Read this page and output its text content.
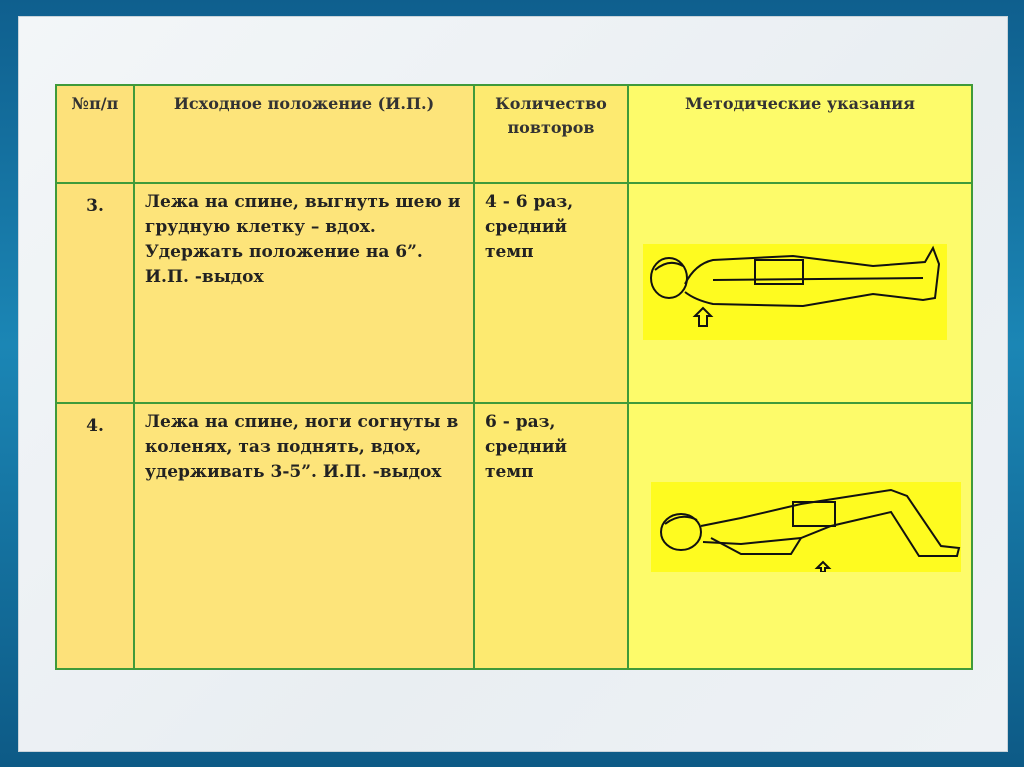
№п/п	Исходное положение (И.П.)	Количество повторов	Методические указания
3.	Лежа на спине, выгнуть шею и грудную клетку – вдох. Удержать положение на 6”. И.П. -выдох	4 - 6 раз, средний темп	

4.	Лежа на спине, ноги согнуты в коленях, таз поднять, вдох, удерживать 3-5”. И.П. -выдох	6 - раз, средний темп	
